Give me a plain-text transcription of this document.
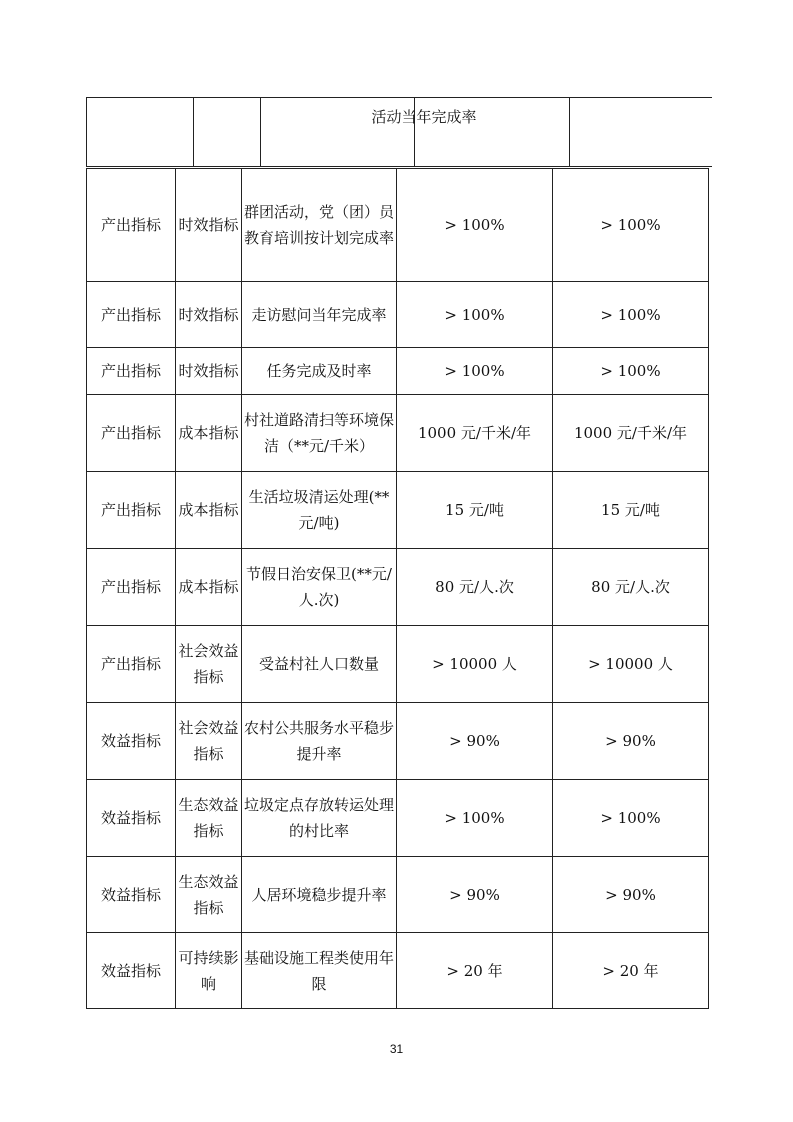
活动当年完成率
产出指标	时效指标	群团活动，党（团）员教育培训按计划完成率	> 100%	> 100%
产出指标	时效指标	走访慰问当年完成率	> 100%	> 100%
产出指标	时效指标	任务完成及时率	> 100%	> 100%
产出指标	成本指标	村社道路清扫等环境保洁（**元/千米）	1000 元/千米/年	1000 元/千米/年
产出指标	成本指标	生活垃圾清运处理(**元/吨)	15 元/吨	15 元/吨
产出指标	成本指标	节假日治安保卫(**元/人.次)	80 元/人.次	80 元/人.次
产出指标	社会效益指标	受益村社人口数量	> 10000 人	> 10000 人
效益指标	社会效益指标	农村公共服务水平稳步提升率	> 90%	> 90%
效益指标	生态效益指标	垃圾定点存放转运处理的村比率	> 100%	> 100%
效益指标	生态效益指标	人居环境稳步提升率	> 90%	> 90%
效益指标	可持续影响	基础设施工程类使用年限	> 20 年	> 20 年
31
